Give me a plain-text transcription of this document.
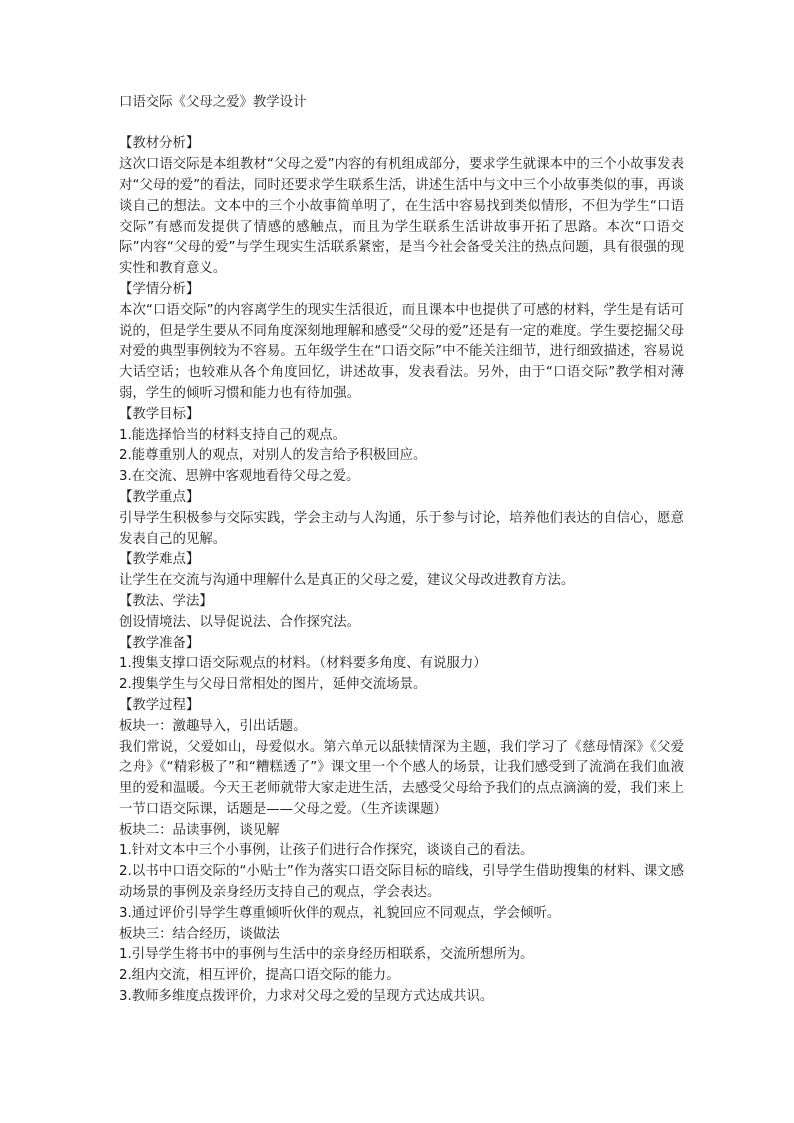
口语交际《父母之爱》教学设计
【教材分析】
这次口语交际是本组教材“父母之爱”内容的有机组成部分，要求学生就课本中的三个小故事发表对“父母的爱”的看法，同时还要求学生联系生活，讲述生活中与文中三个小故事类似的事，再谈谈自己的想法。文本中的三个小故事简单明了，在生活中容易找到类似情形，不但为学生“口语交际”有感而发提供了情感的感触点，而且为学生联系生活讲故事开拓了思路。本次“口语交际”内容“父母的爱”与学生现实生活联系紧密，是当今社会备受关注的热点问题，具有很强的现实性和教育意义。
【学情分析】
本次“口语交际”的内容离学生的现实生活很近，而且课本中也提供了可感的材料，学生是有话可说的，但是学生要从不同角度深刻地理解和感受“父母的爱”还是有一定的难度。学生要挖掘父母对爱的典型事例较为不容易。五年级学生在“口语交际”中不能关注细节，进行细致描述，容易说大话空话；也较难从各个角度回忆，讲述故事，发表看法。另外，由于“口语交际”教学相对薄弱，学生的倾听习惯和能力也有待加强。
【教学目标】
1.能选择恰当的材料支持自己的观点。
2.能尊重别人的观点，对别人的发言给予积极回应。
3.在交流、思辨中客观地看待父母之爱。
【教学重点】
引导学生积极参与交际实践，学会主动与人沟通，乐于参与讨论，培养他们表达的自信心，愿意发表自己的见解。
【教学难点】
让学生在交流与沟通中理解什么是真正的父母之爱，建议父母改进教育方法。
【教法、学法】
创设情境法、以导促说法、合作探究法。
【教学准备】
1.搜集支撑口语交际观点的材料。（材料要多角度、有说服力）
2.搜集学生与父母日常相处的图片，延伸交流场景。
【教学过程】
板块一：激趣导入，引出话题。
我们常说，父爱如山，母爱似水。第六单元以舐犊情深为主题，我们学习了《慈母情深》《父爱之舟》《“精彩极了”和“糟糕透了”》课文里一个个感人的场景，让我们感受到了流淌在我们血液里的爱和温暖。今天王老师就带大家走进生活，去感受父母给予我们的点点滴滴的爱，我们来上一节口语交际课，话题是——父母之爱。（生齐读课题）
板块二：品读事例，谈见解
1.针对文本中三个小事例，让孩子们进行合作探究，谈谈自己的看法。
2.以书中口语交际的“小贴士”作为落实口语交际目标的暗线，引导学生借助搜集的材料、课文感动场景的事例及亲身经历支持自己的观点，学会表达。
3.通过评价引导学生尊重倾听伙伴的观点，礼貌回应不同观点，学会倾听。
板块三：结合经历，谈做法
1.引导学生将书中的事例与生活中的亲身经历相联系，交流所想所为。
2.组内交流，相互评价，提高口语交际的能力。
3.教师多维度点拨评价，力求对父母之爱的呈现方式达成共识。
